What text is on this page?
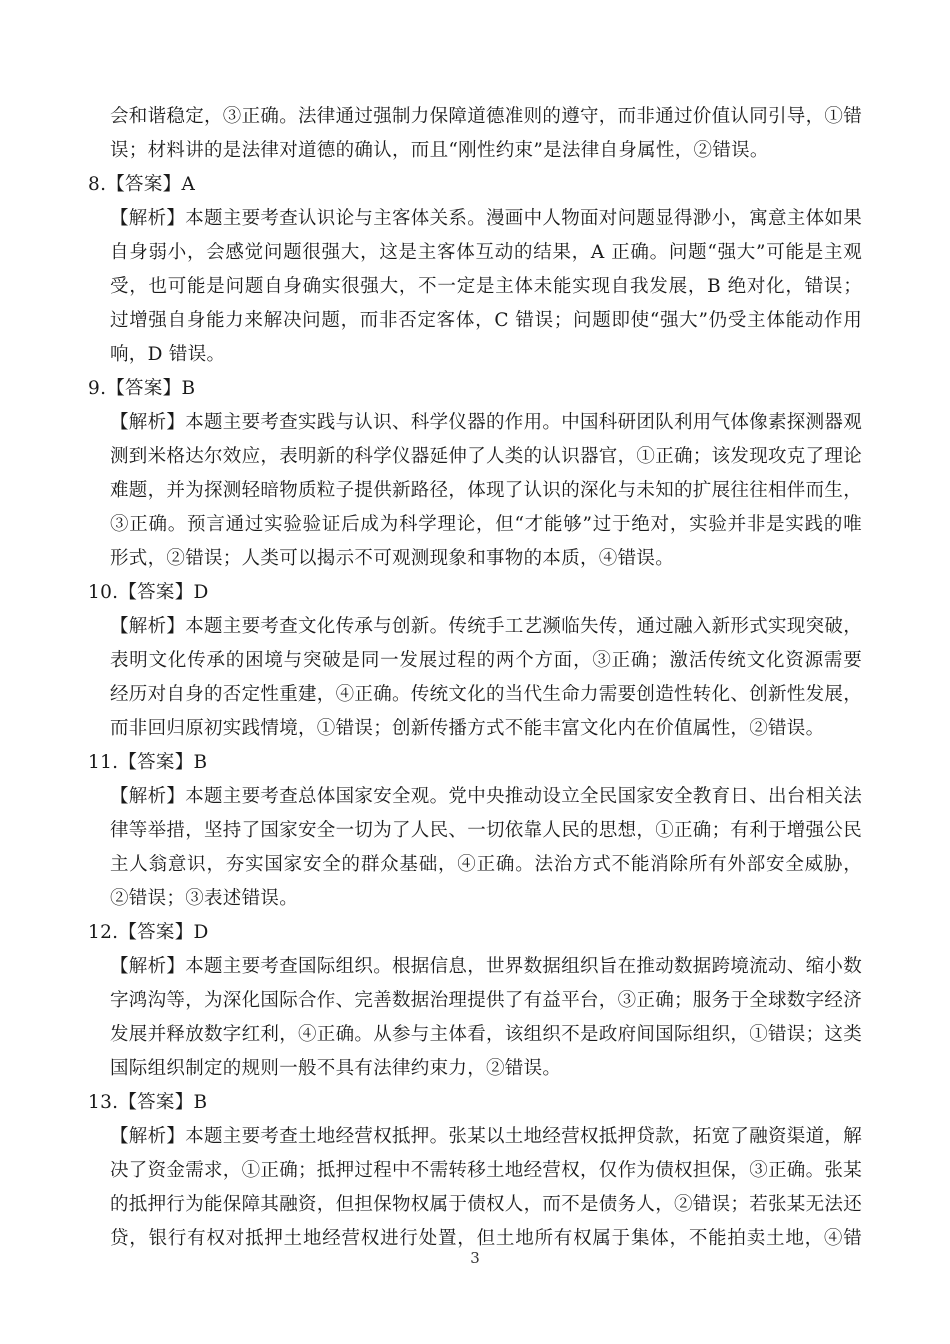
会和谐稳定，③正确。法律通过强制力保障道德准则的遵守，而非通过价值认同引导，①错
误；材料讲的是法律对道德的确认，而且“刚性约束”是法律自身属性，②错误。
8.【答案】A
【解析】本题主要考查认识论与主客体关系。漫画中人物面对问题显得渺小，寓意主体如果
自身弱小，会感觉问题很强大，这是主客体互动的结果，A 正确。问题“强大”可能是主观
受，也可能是问题自身确实很强大，不一定是主体未能实现自我发展，B 绝对化，错误；
过增强自身能力来解决问题，而非否定客体，C 错误；问题即使“强大”仍受主体能动作用
响，D 错误。
9.【答案】B
【解析】本题主要考查实践与认识、科学仪器的作用。中国科研团队利用气体像素探测器观
测到米格达尔效应，表明新的科学仪器延伸了人类的认识器官，①正确；该发现攻克了理论
难题，并为探测轻暗物质粒子提供新路径，体现了认识的深化与未知的扩展往往相伴而生，
③正确。预言通过实验验证后成为科学理论，但“才能够”过于绝对，实验并非是实践的唯
形式，②错误；人类可以揭示不可观测现象和事物的本质，④错误。
10.【答案】D
【解析】本题主要考查文化传承与创新。传统手工艺濒临失传，通过融入新形式实现突破，
表明文化传承的困境与突破是同一发展过程的两个方面，③正确；激活传统文化资源需要
经历对自身的否定性重建，④正确。传统文化的当代生命力需要创造性转化、创新性发展，
而非回归原初实践情境，①错误；创新传播方式不能丰富文化内在价值属性，②错误。
11.【答案】B
【解析】本题主要考查总体国家安全观。党中央推动设立全民国家安全教育日、出台相关法
律等举措，坚持了国家安全一切为了人民、一切依靠人民的思想，①正确；有利于增强公民
主人翁意识，夯实国家安全的群众基础，④正确。法治方式不能消除所有外部安全威胁，
②错误；③表述错误。
12.【答案】D
【解析】本题主要考查国际组织。根据信息，世界数据组织旨在推动数据跨境流动、缩小数
字鸿沟等，为深化国际合作、完善数据治理提供了有益平台，③正确；服务于全球数字经济
发展并释放数字红利，④正确。从参与主体看，该组织不是政府间国际组织，①错误；这类
国际组织制定的规则一般不具有法律约束力，②错误。
13.【答案】B
【解析】本题主要考查土地经营权抵押。张某以土地经营权抵押贷款，拓宽了融资渠道，解
决了资金需求，①正确；抵押过程中不需转移土地经营权，仅作为债权担保，③正确。张某
的抵押行为能保障其融资，但担保物权属于债权人，而不是债务人，②错误；若张某无法还
贷，银行有权对抵押土地经营权进行处置，但土地所有权属于集体，不能拍卖土地，④错
3
